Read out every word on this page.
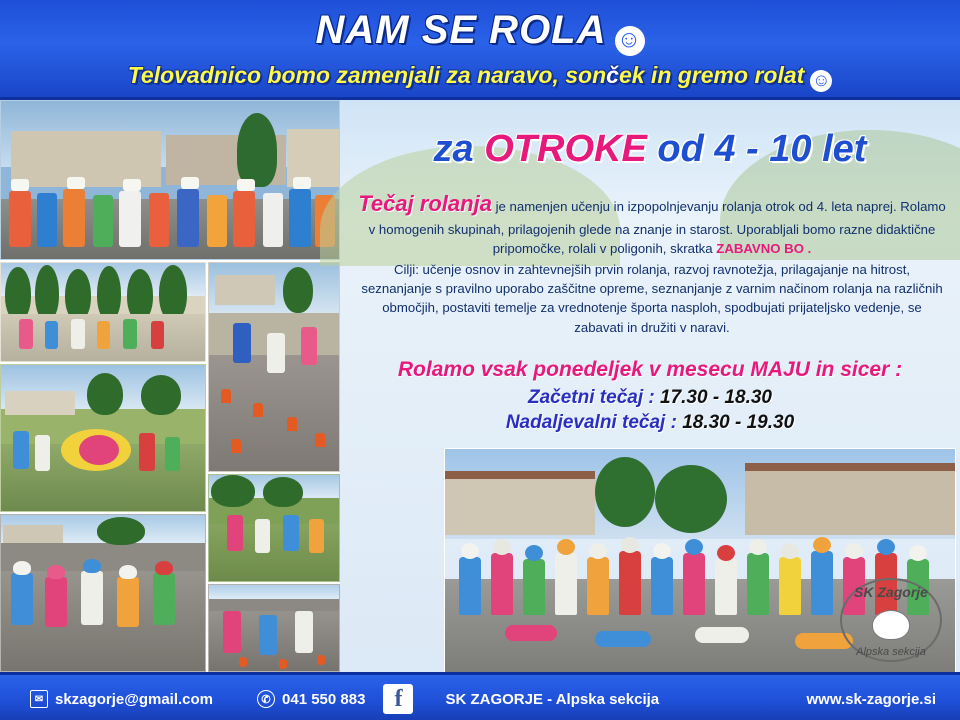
NAM SE ROLA ☺
Telovadnico bomo zamenjali za naravo, sonček in gremo rolat ☺
za OTROKE od 4 - 10 let

Tečaj rolanja je namenjen učenju in izpopolnjevanju rolanja otrok od 4. leta naprej. Rolamo v homogenih skupinah, prilagojenih glede na znanje in starost. Uporabljali bomo razne didaktične pripomočke, rolali v poligonih, skratka ZABAVNO BO .

Cilji: učenje osnov in zahtevnejših prvin rolanja, razvoj ravnotežja, prilagajanje na hitrost, seznanjanje s pravilno uporabo zaščitne opreme, seznanjanje z varnim načinom rolanja na različnih območjih, postaviti temelje za vrednotenje športa nasploh, spodbujati prijateljsko vedenje, se zabavati in družiti v naravi.

Rolamo vsak ponedeljek v mesecu MAJU in sicer :
Začetni tečaj : 17.30 - 18.30
Nadaljevalni tečaj : 18.30 - 19.30
SK Zagorje
Alpska sekcija
✉ skzagorje@gmail.com	✆ 041 550 883	f	SK ZAGORJE - Alpska sekcija	www.sk-zagorje.si
